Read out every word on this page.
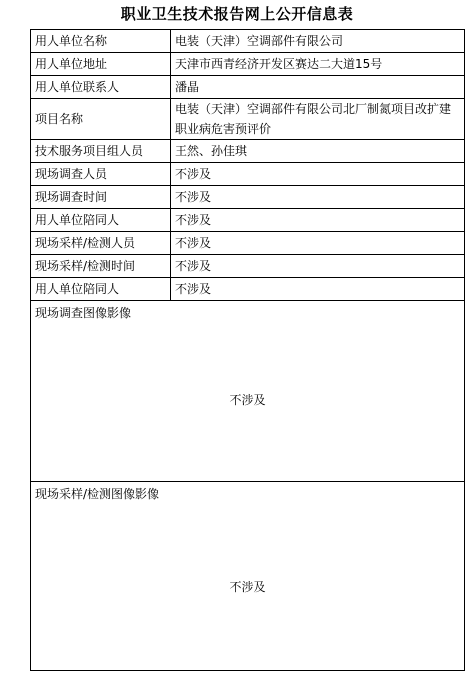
职业卫生技术报告网上公开信息表
用人单位名称	电装（天津）空调部件有限公司
用人单位地址	天津市西青经济开发区赛达二大道15号
用人单位联系人	潘晶
项目名称	电装（天津）空调部件有限公司北厂制氮项目改扩建职业病危害预评价
技术服务项目组人员	王然、孙佳琪
现场调查人员	不涉及
现场调查时间	不涉及
用人单位陪同人	不涉及
现场采样/检测人员	不涉及
现场采样/检测时间	不涉及
用人单位陪同人	不涉及

现场调查图像影像
不涉及	

现场采样/检测图像影像
不涉及	
